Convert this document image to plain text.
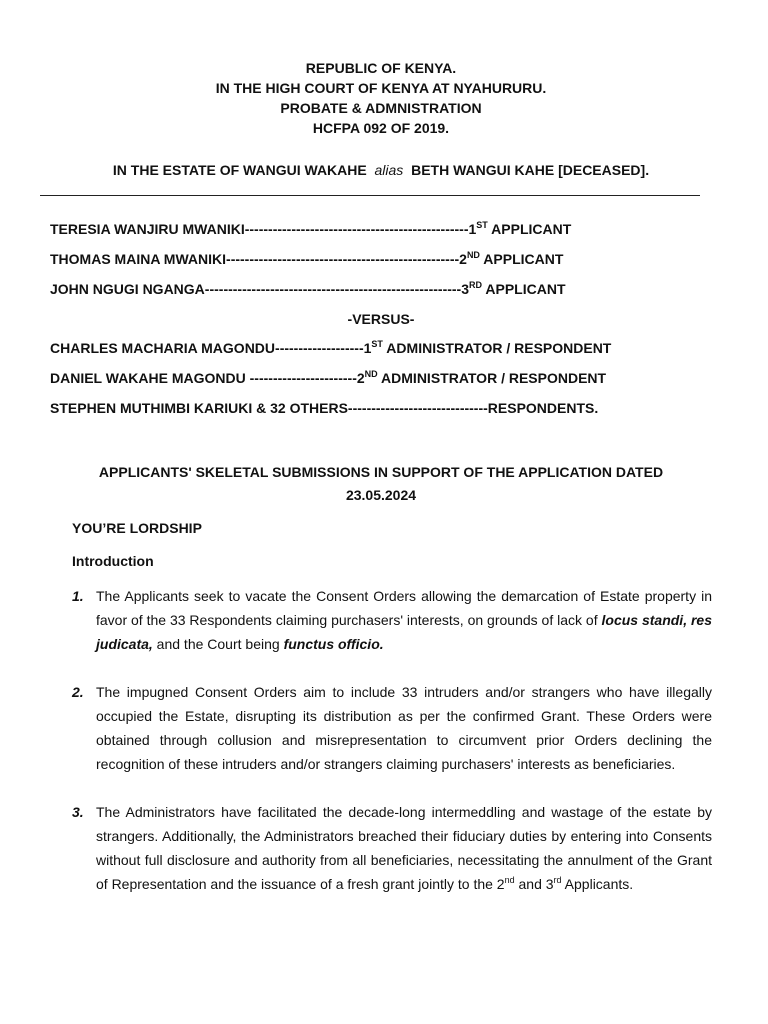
REPUBLIC OF KENYA.
IN THE HIGH COURT OF KENYA AT NYAHURURU.
PROBATE & ADMNISTRATION
HCFPA 092 OF 2019.
IN THE ESTATE OF WANGUI WAKAHE alias BETH WANGUI KAHE [DECEASED].
TERESIA WANJIRU MWANIKI------------------------------------------------1ST APPLICANT
THOMAS MAINA MWANIKI--------------------------------------------------2ND APPLICANT
JOHN NGUGI NGANGA-------------------------------------------------------3RD APPLICANT
-VERSUS-
CHARLES MACHARIA MAGONDU-------------------1ST ADMINISTRATOR / RESPONDENT
DANIEL WAKAHE MAGONDU -----------------------2ND ADMINISTRATOR / RESPONDENT
STEPHEN MUTHIMBI KARIUKI & 32 OTHERS------------------------------RESPONDENTS.
APPLICANTS' SKELETAL SUBMISSIONS IN SUPPORT OF THE APPLICATION DATED
23.05.2024
YOU’RE LORDSHIP
Introduction
1. The Applicants seek to vacate the Consent Orders allowing the demarcation of Estate property in favor of the 33 Respondents claiming purchasers' interests, on grounds of lack of locus standi, res judicata, and the Court being functus officio.
2. The impugned Consent Orders aim to include 33 intruders and/or strangers who have illegally occupied the Estate, disrupting its distribution as per the confirmed Grant. These Orders were obtained through collusion and misrepresentation to circumvent prior Orders declining the recognition of these intruders and/or strangers claiming purchasers' interests as beneficiaries.
3. The Administrators have facilitated the decade-long intermeddling and wastage of the estate by strangers. Additionally, the Administrators breached their fiduciary duties by entering into Consents without full disclosure and authority from all beneficiaries, necessitating the annulment of the Grant of Representation and the issuance of a fresh grant jointly to the 2nd and 3rd Applicants.
